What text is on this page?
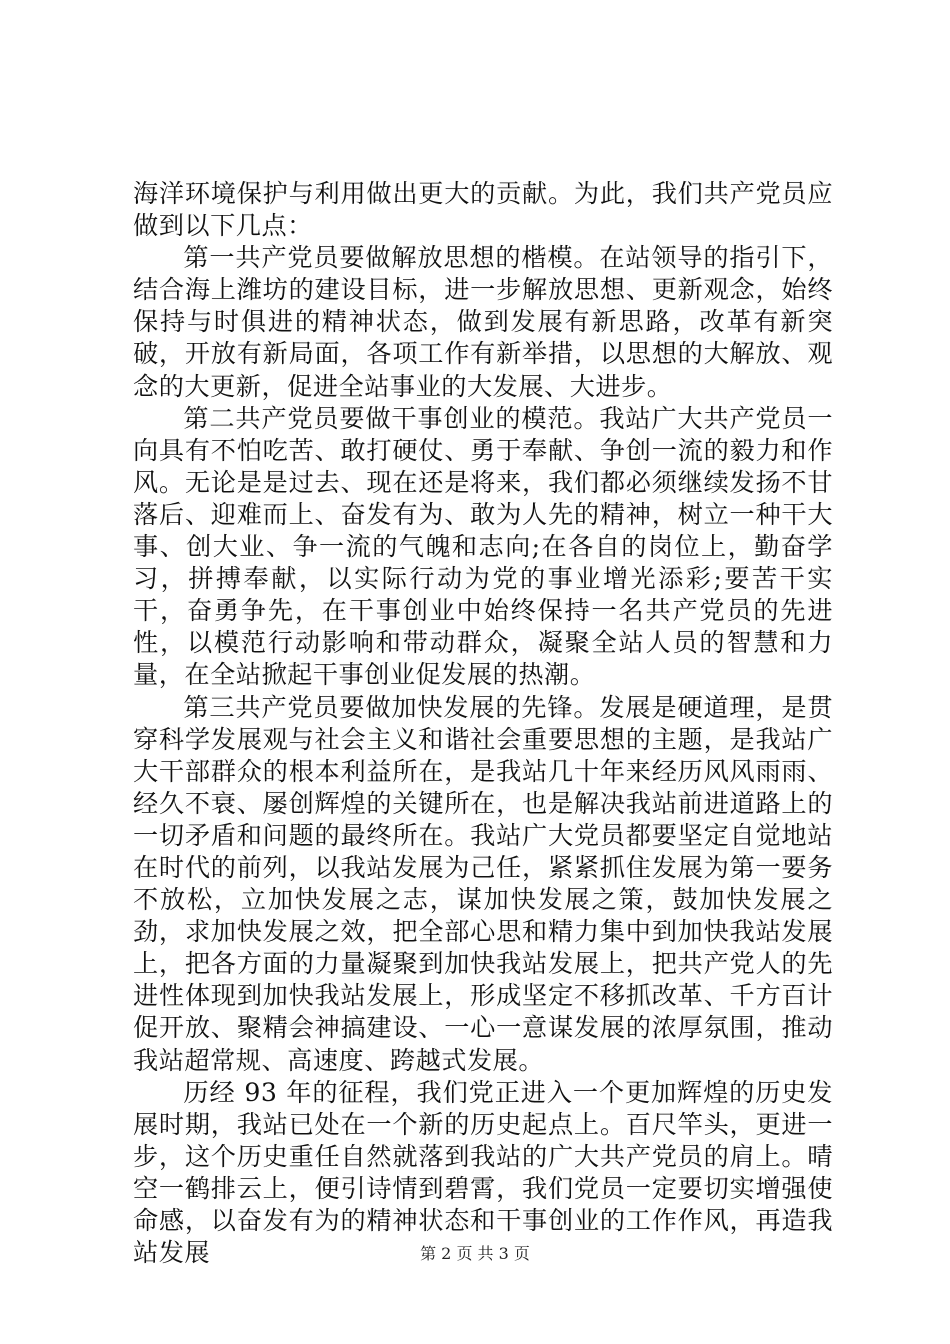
海洋环境保护与利用做出更大的贡献。为此，我们共产党员应做到以下几点：

第一共产党员要做解放思想的楷模。在站领导的指引下，结合海上潍坊的建设目标，进一步解放思想、更新观念，始终保持与时俱进的精神状态，做到发展有新思路，改革有新突破，开放有新局面，各项工作有新举措，以思想的大解放、观念的大更新，促进全站事业的大发展、大进步。

第二共产党员要做干事创业的模范。我站广大共产党员一向具有不怕吃苦、敢打硬仗、勇于奉献、争创一流的毅力和作风。无论是是过去、现在还是将来，我们都必须继续发扬不甘落后、迎难而上、奋发有为、敢为人先的精神，树立一种干大事、创大业、争一流的气魄和志向;在各自的岗位上，勤奋学习，拼搏奉献，以实际行动为党的事业增光添彩;要苦干实干，奋勇争先，在干事创业中始终保持一名共产党员的先进性，以模范行动影响和带动群众，凝聚全站人员的智慧和力量，在全站掀起干事创业促发展的热潮。

第三共产党员要做加快发展的先锋。发展是硬道理，是贯穿科学发展观与社会主义和谐社会重要思想的主题，是我站广大干部群众的根本利益所在，是我站几十年来经历风风雨雨、经久不衰、屡创辉煌的关键所在，也是解决我站前进道路上的一切矛盾和问题的最终所在。我站广大党员都要坚定自觉地站在时代的前列，以我站发展为己任，紧紧抓住发展为第一要务不放松，立加快发展之志，谋加快发展之策，鼓加快发展之劲，求加快发展之效，把全部心思和精力集中到加快我站发展上，把各方面的力量凝聚到加快我站发展上，把共产党人的先进性体现到加快我站发展上，形成坚定不移抓改革、千方百计促开放、聚精会神搞建设、一心一意谋发展的浓厚氛围，推动我站超常规、高速度、跨越式发展。

历经 93 年的征程，我们党正进入一个更加辉煌的历史发展时期，我站已处在一个新的历史起点上。百尺竿头，更进一步，这个历史重任自然就落到我站的广大共产党员的肩上。晴空一鹤排云上，便引诗情到碧霄，我们党员一定要切实增强使命感，以奋发有为的精神状态和干事创业的工作作风，再造我站发展	第 2 页 共 3 页
